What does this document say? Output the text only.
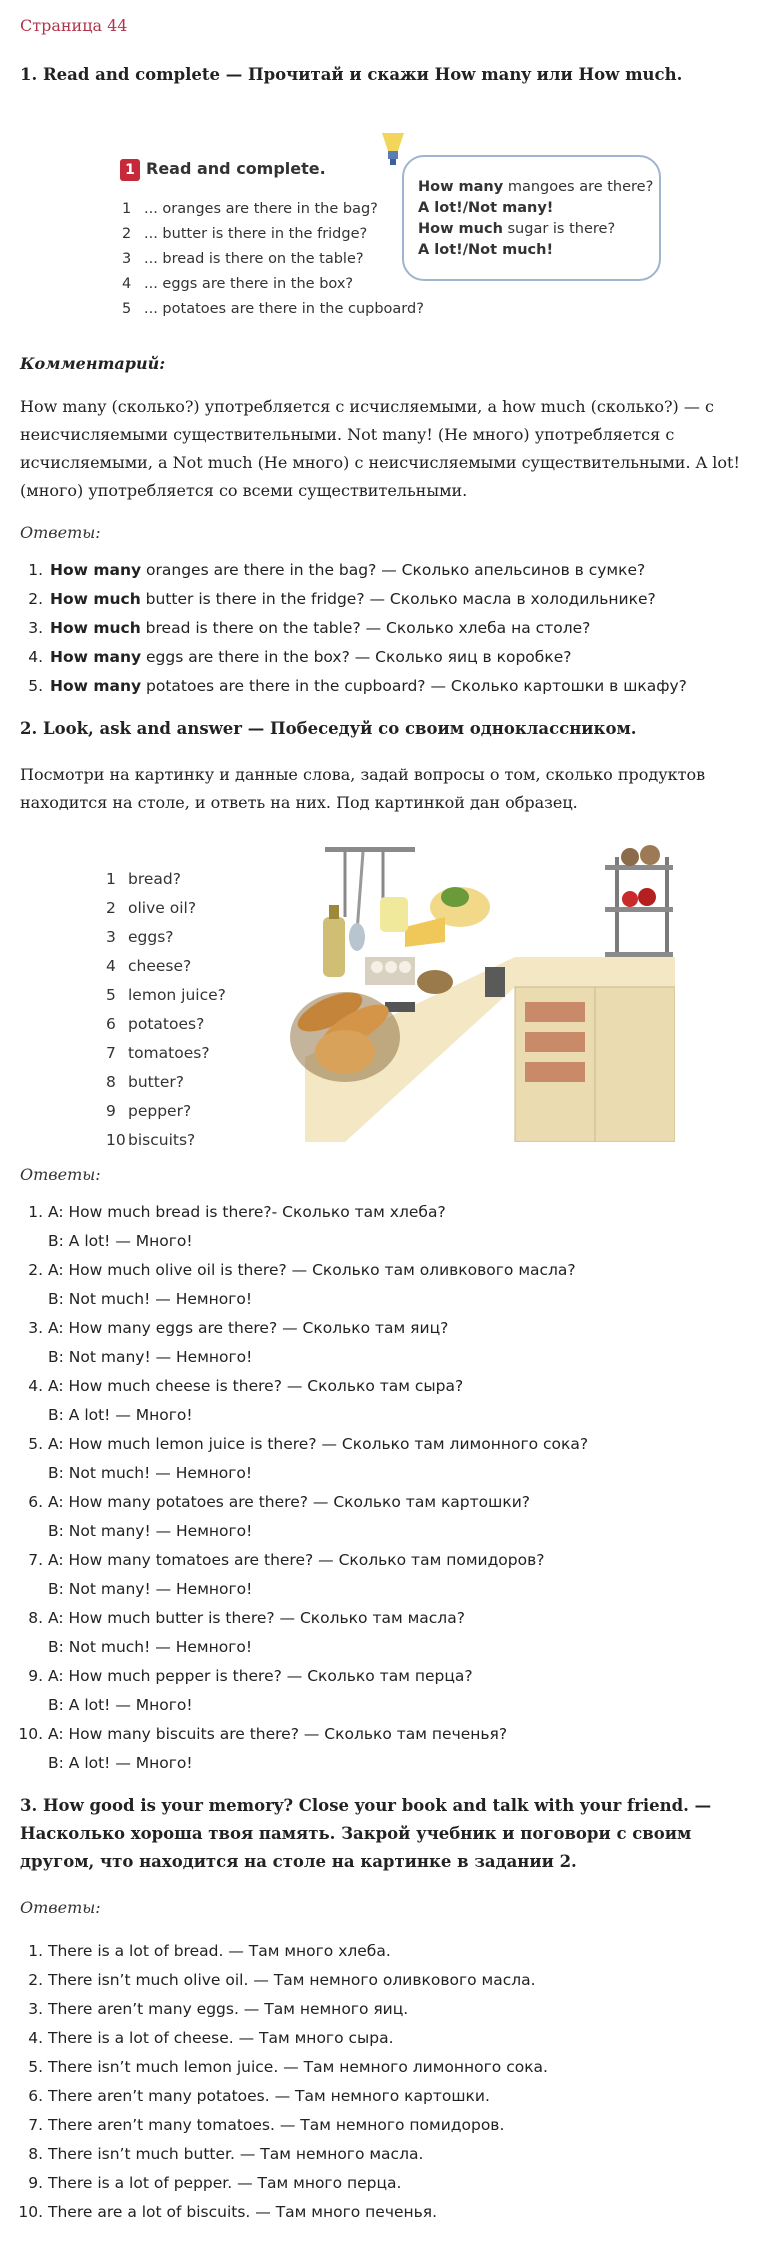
Страница 44
1. Read and complete — Прочитай и скажи How many или How much.
1 Read and complete.
1 ... oranges are there in the bag?
2 ... butter is there in the fridge?
3 ... bread is there on the table?
4 ... eggs are there in the box?
5 ... potatoes are there in the cupboard?
How many mangoes are there?
A lot!/Not many!
How much sugar is there?
A lot!/Not much!
Комментарий:

How many (сколько?) употребляется с исчисляемыми, а how much (сколько?) — с неисчисляемыми существительными. Not many! (Не много) употребляется с исчисляемыми, а Not much (Не много) с неисчисляемыми существительными. A lot! (много) употребляется со всеми существительными.

Ответы:
1. How many oranges are there in the bag? — Сколько апельсинов в сумке?
2. How much butter is there in the fridge? — Сколько масла в холодильнике?
3. How much bread is there on the table? — Сколько хлеба на столе?
4. How many eggs are there in the box? — Сколько яиц в коробке?
5. How many potatoes are there in the cupboard? — Сколько картошки в шкафу?
2. Look, ask and answer — Побеседуй со своим одноклассником.

Посмотри на картинку и данные слова, задай вопросы о том, сколько продуктов находится на столе, и ответь на них. Под картинкой дан образец.

1 bread?
2 olive oil?
3 eggs?
4 cheese?
5 lemon juice?
6 potatoes?
7 tomatoes?
8 butter?
9 pepper?
10 biscuits?
Ответы:
1. A: How much bread is there?- Сколько там хлеба?
B: A lot! — Много!
2. A: How much olive oil is there? — Сколько там оливкового масла?
B: Not much! — Немного!
3. A: How many eggs are there? — Сколько там яиц?
B: Not many! — Немного!
4. A: How much cheese is there? — Сколько там сыра?
B: A lot! — Много!
5. A: How much lemon juice is there? — Сколько там лимонного сока?
B: Not much! — Немного!
6. A: How many potatoes are there? — Сколько там картошки?
B: Not many! — Немного!
7. A: How many tomatoes are there? — Сколько там помидоров?
B: Not many! — Немного!
8. A: How much butter is there? — Сколько там масла?
B: Not much! — Немного!
9. A: How much pepper is there? — Сколько там перца?
B: A lot! — Много!
10. A: How many biscuits are there? — Сколько там печенья?
B: A lot! — Много!
3. How good is your memory? Close your book and talk with your friend. — Насколько хороша твоя память. Закрой учебник и поговори с своим другом, что находится на столе на картинке в задании 2.
Ответы:
1. There is a lot of bread. — Там много хлеба.
2. There isn’t much olive oil. — Там немного оливкового масла.
3. There aren’t many eggs. — Там немного яиц.
4. There is a lot of cheese. — Там много сыра.
5. There isn’t much lemon juice. — Там немного лимонного сока.
6. There aren’t many potatoes. — Там немного картошки.
7. There aren’t many tomatoes. — Там немного помидоров.
8. There isn’t much butter. — Там немного масла.
9. There is a lot of pepper. — Там много перца.
10. There are a lot of biscuits. — Там много печенья.
